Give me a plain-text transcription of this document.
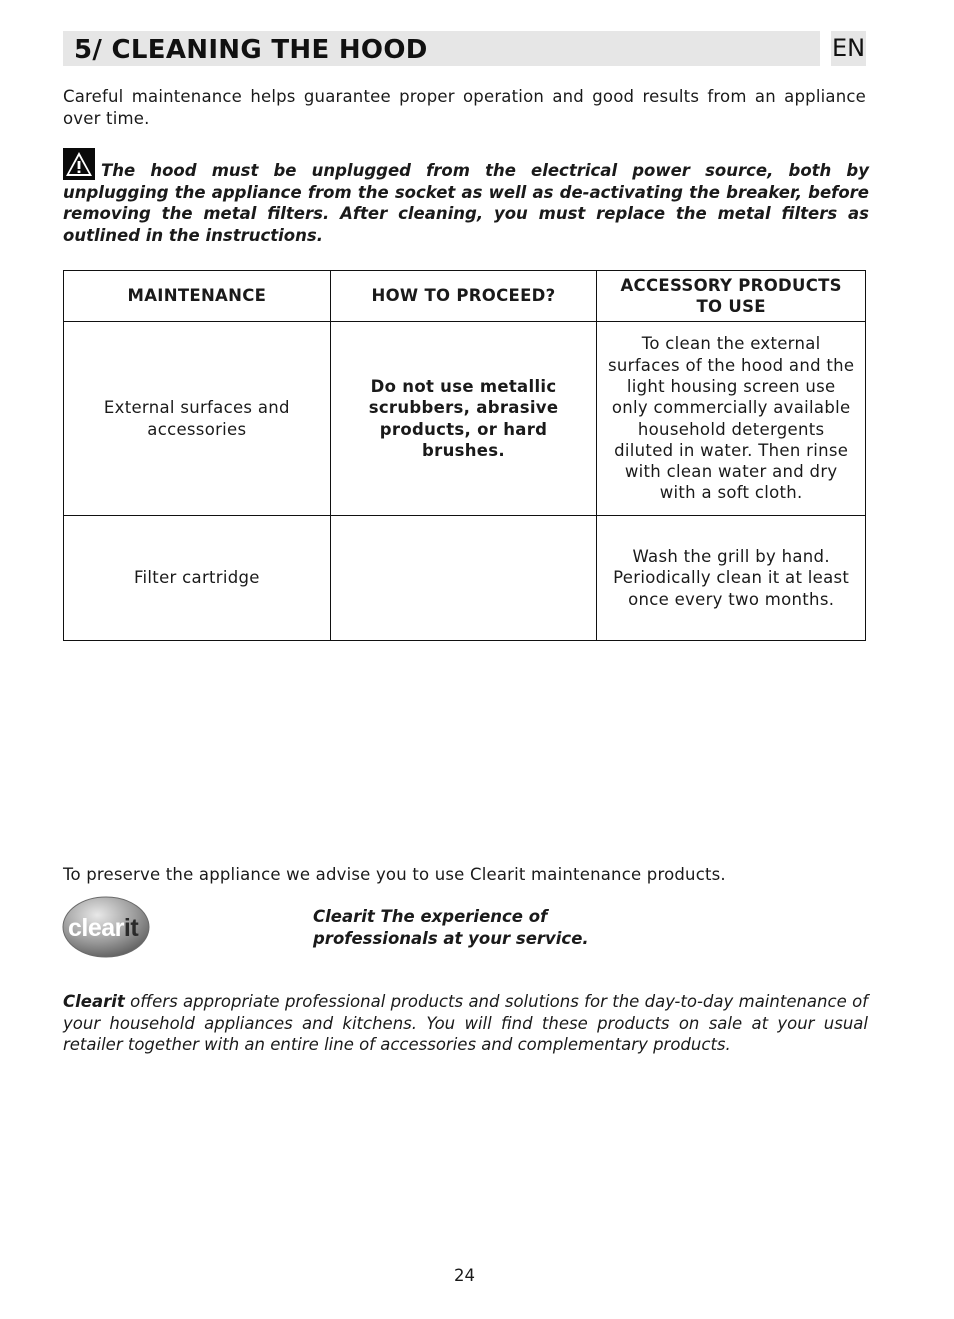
5/ CLEANING THE HOOD	EN
Careful maintenance helps guarantee proper operation and good results from an appliance over time.
The hood must be unplugged from the electrical power source, both by unplugging the appliance from the socket as well as de-activating the breaker, before removing the metal filters. After cleaning, you must replace the metal filters as outlined in the instructions.
MAINTENANCE	HOW TO PROCEED?	ACCESSORY PRODUCTS TO USE
External surfaces and accessories	Do not use metallic scrubbers, abrasive products, or hard brushes.	To clean the external surfaces of the hood and the light housing screen use only commercially available household detergents diluted in water. Then rinse with clean water and dry with a soft cloth.
Filter cartridge		Wash the grill by hand. Periodically clean it at least once every two months.
To preserve the appliance we advise you to use Clearit maintenance products.
clearit	Clearit The experience of professionals at your service.
Clearit offers appropriate professional products and solutions for the day-to-day maintenance of your household appliances and kitchens. You will find these products on sale at your usual retailer together with an entire line of accessories and complementary products.
24
